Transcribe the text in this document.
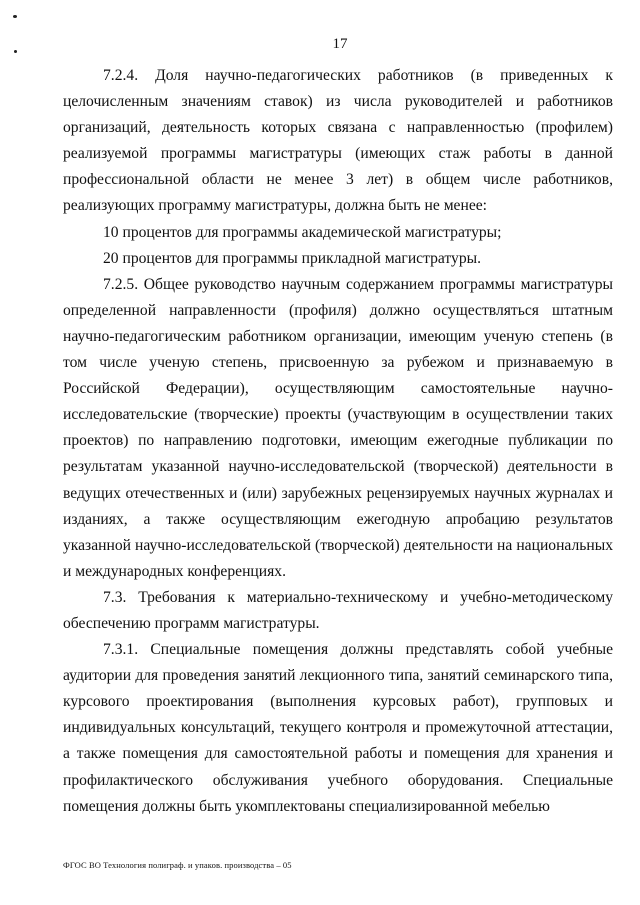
17

7.2.4. Доля научно-педагогических работников (в приведенных к целочисленным значениям ставок) из числа руководителей и работников организаций, деятельность которых связана с направленностью (профилем) реализуемой программы магистратуры (имеющих стаж работы в данной профессиональной области не менее 3 лет) в общем числе работников, реализующих программу магистратуры, должна быть не менее:

10 процентов для программы академической магистратуры;

20 процентов для программы прикладной магистратуры.

7.2.5. Общее руководство научным содержанием программы магистратуры определенной направленности (профиля) должно осуществляться штатным научно-педагогическим работником организации, имеющим ученую степень (в том числе ученую степень, присвоенную за рубежом и признаваемую в Российской Федерации), осуществляющим самостоятельные научно-исследовательские (творческие) проекты (участвующим в осуществлении таких проектов) по направлению подготовки, имеющим ежегодные публикации по результатам указанной научно-исследовательской (творческой) деятельности в ведущих отечественных и (или) зарубежных рецензируемых научных журналах и изданиях, а также осуществляющим ежегодную апробацию результатов указанной научно-исследовательской (творческой) деятельности на национальных и международных конференциях.

7.3. Требования к материально-техническому и учебно-методическому обеспечению программ магистратуры.

7.3.1. Специальные помещения должны представлять собой учебные аудитории для проведения занятий лекционного типа, занятий семинарского типа, курсового проектирования (выполнения курсовых работ), групповых и индивидуальных консультаций, текущего контроля и промежуточной аттестации, а также помещения для самостоятельной работы и помещения для хранения и профилактического обслуживания учебного оборудования. Специальные помещения должны быть укомплектованы специализированной мебелью

ФГОС ВО Технология полиграф. и упаков. производства – 05
